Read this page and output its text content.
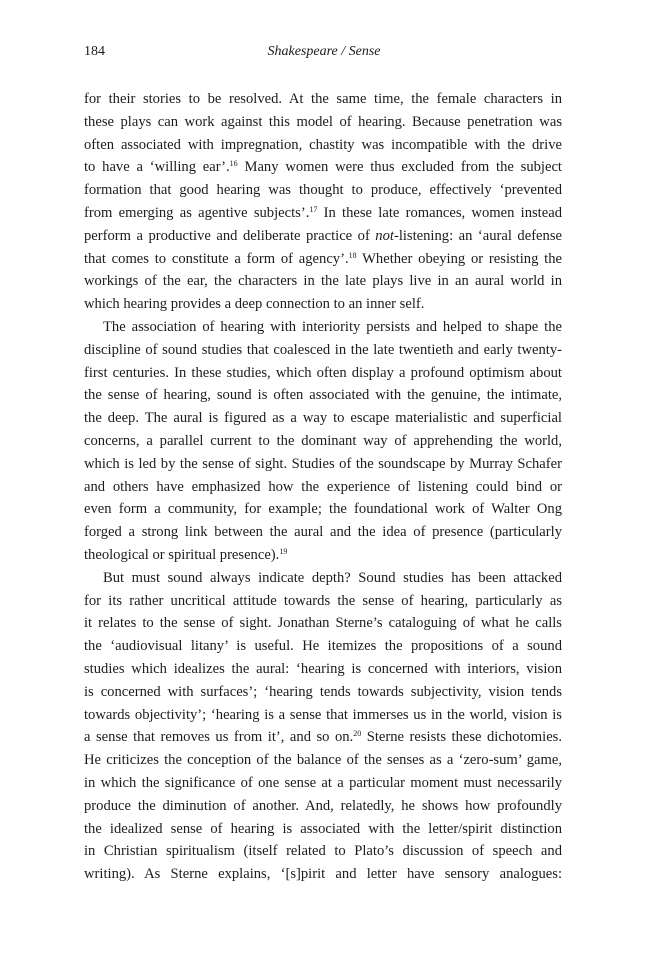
184	Shakespeare / Sense

for their stories to be resolved. At the same time, the female characters in
these plays can work against this model of hearing. Because penetration was
often associated with impregnation, chastity was incompatible with the drive
to have a ‘willing ear’.$^{16}$ Many women were thus excluded from the subject
formation that good hearing was thought to produce, effectively ‘prevented
from emerging as agentive subjects’.$^{17}$ In these late romances, women instead
perform a productive and deliberate practice of not-listening: an ‘aural defense
that comes to constitute a form of agency’.$^{18}$ Whether obeying or resisting the
workings of the ear, the characters in the late plays live in an aural world in
which hearing provides a deep connection to an inner self.

The association of hearing with interiority persists and helped to shape the
discipline of sound studies that coalesced in the late twentieth and early twenty-
first centuries. In these studies, which often display a profound optimism about
the sense of hearing, sound is often associated with the genuine, the intimate,
the deep. The aural is figured as a way to escape materialistic and superficial
concerns, a parallel current to the dominant way of apprehending the world,
which is led by the sense of sight. Studies of the soundscape by Murray Schafer
and others have emphasized how the experience of listening could bind or
even form a community, for example; the foundational work of Walter Ong
forged a strong link between the aural and the idea of presence (particularly
theological or spiritual presence).$^{19}$

But must sound always indicate depth? Sound studies has been attacked
for its rather uncritical attitude towards the sense of hearing, particularly as
it relates to the sense of sight. Jonathan Sterne’s cataloguing of what he calls
the ‘audiovisual litany’ is useful. He itemizes the propositions of a sound
studies which idealizes the aural: ‘hearing is concerned with interiors, vision
is concerned with surfaces’; ‘hearing tends towards subjectivity, vision tends
towards objectivity’; ‘hearing is a sense that immerses us in the world, vision is
a sense that removes us from it’, and so on.$^{20}$ Sterne resists these dichotomies.
He criticizes the conception of the balance of the senses as a ‘zero-sum’ game,
in which the significance of one sense at a particular moment must necessarily
produce the diminution of another. And, relatedly, he shows how profoundly
the idealized sense of hearing is associated with the letter/spirit distinction
in Christian spiritualism (itself related to Plato’s discussion of speech and
writing). As Sterne explains, ‘[s]pirit and letter have sensory analogues:
